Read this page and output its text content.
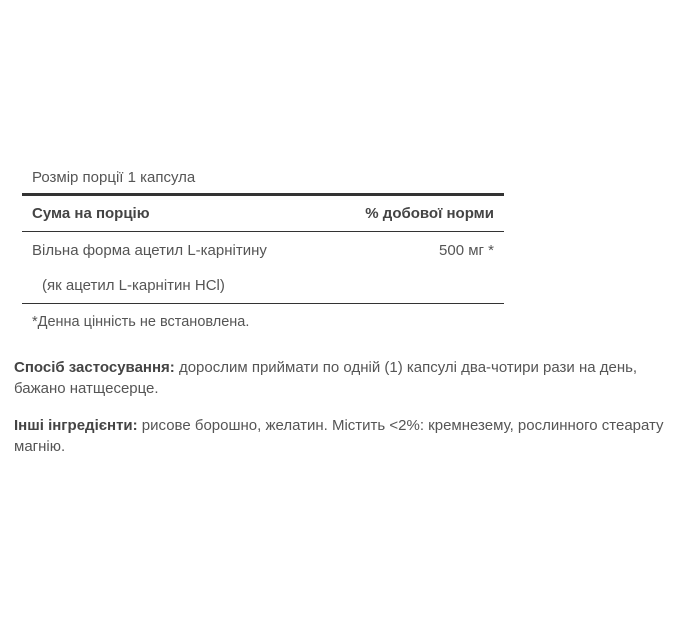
Розмір порції 1 капсула
Сума на порцію	% добової норми
Вільна форма ацетил L-карнітину	500 мг *
(як ацетил L-карнітин HCl)
*Денна цінність не встановлена.

Спосіб застосування: дорослим приймати по одній (1) капсулі два-чотири рази на день, бажано натщесерце.

Інші інгредієнти: рисове борошно, желатин. Містить <2%: кремнезему, рослинного стеарату магнію.
